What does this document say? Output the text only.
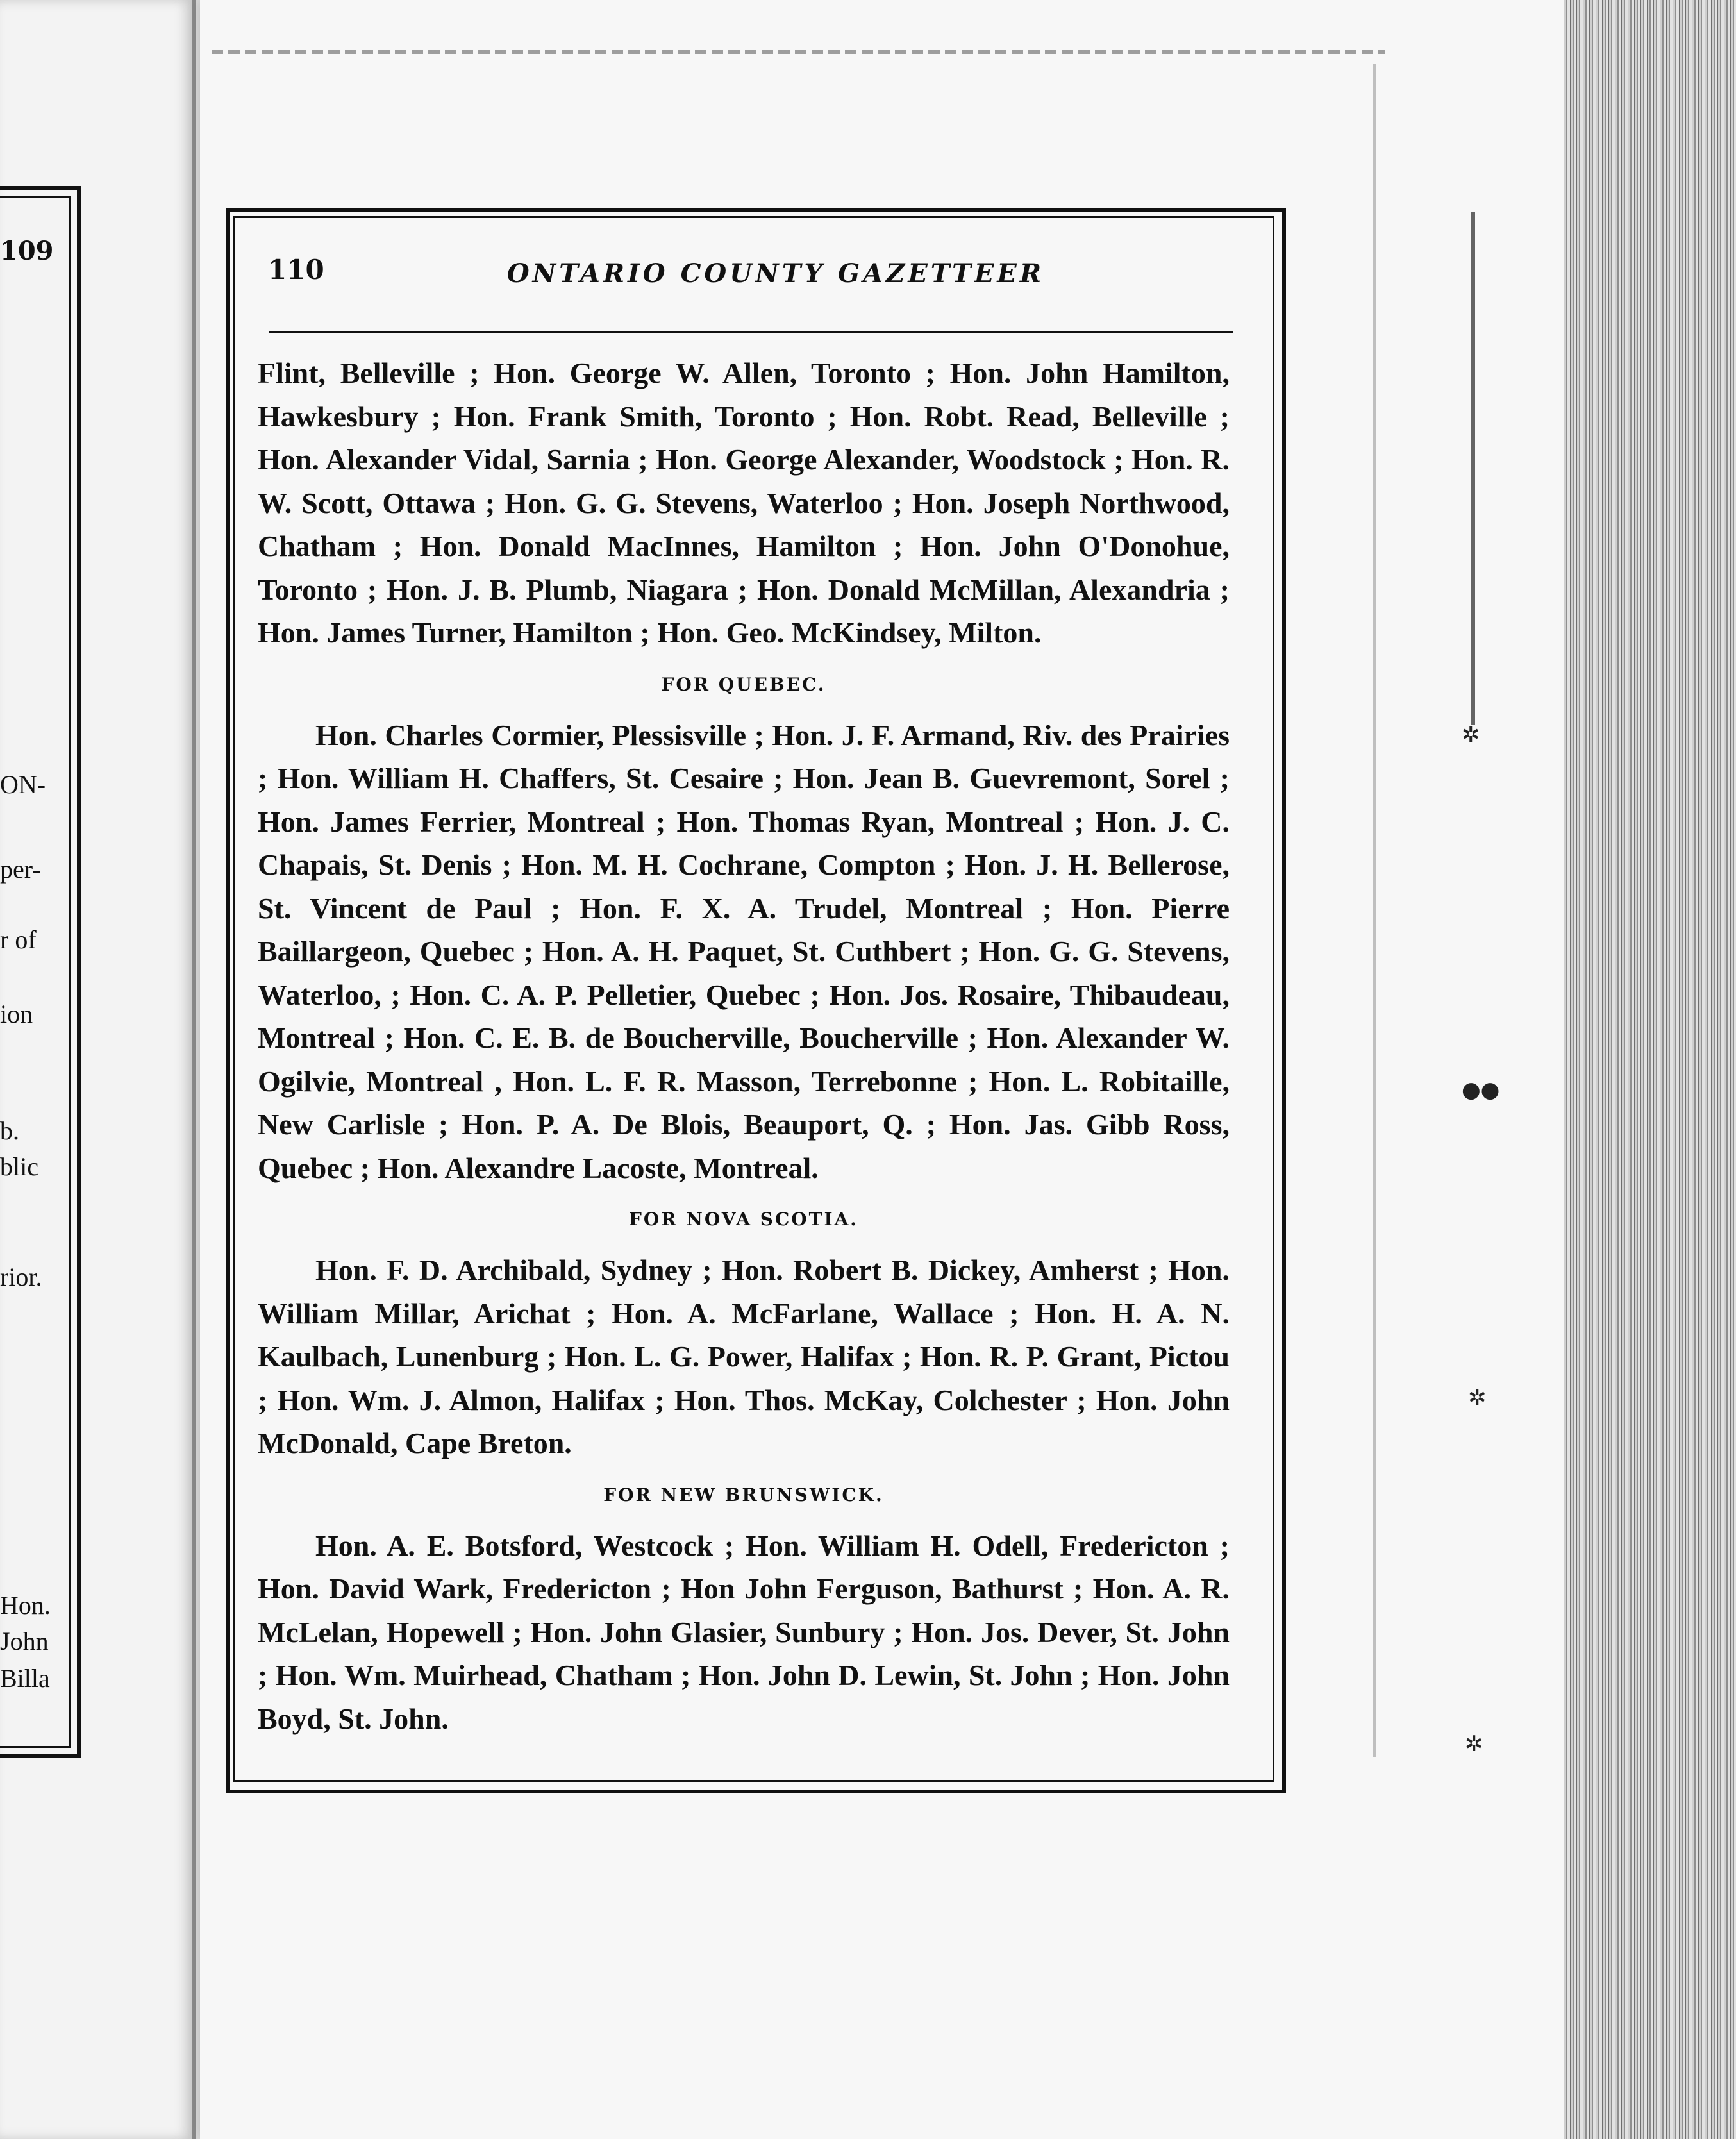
109
ON-
per-
r of
ion
b.
blic
rior.
Hon.
John
Billa
110	ONTARIO COUNTY GAZETTEER

Flint, Belleville ; Hon. George W. Allen, Toronto ; Hon. John Hamilton, Hawkesbury ; Hon. Frank Smith, Toronto ; Hon. Robt. Read, Belleville ; Hon. Alexander Vidal, Sarnia ; Hon. George Alexander, Woodstock ; Hon. R. W. Scott, Ottawa ; Hon. G. G. Stevens, Waterloo ; Hon. Joseph Northwood, Chatham ; Hon. Donald MacInnes, Hamilton ; Hon. John O'Donohue, Toronto ; Hon. J. B. Plumb, Niagara ; Hon. Donald McMillan, Alexandria ; Hon. James Turner, Hamilton ; Hon. Geo. McKindsey, Milton.

FOR QUEBEC.

Hon. Charles Cormier, Plessisville ; Hon. J. F. Armand, Riv. des Prairies ; Hon. William H. Chaffers, St. Cesaire ; Hon. Jean B. Guevremont, Sorel ; Hon. James Ferrier, Montreal ; Hon. Thomas Ryan, Montreal ; Hon. J. C. Chapais, St. Denis ; Hon. M. H. Cochrane, Compton ; Hon. J. H. Bellerose, St. Vincent de Paul ; Hon. F. X. A. Trudel, Montreal ; Hon. Pierre Baillargeon, Quebec ; Hon. A. H. Paquet, St. Cuthbert ; Hon. G. G. Stevens, Waterloo, ; Hon. C. A. P. Pelletier, Quebec ; Hon. Jos. Rosaire, Thibaudeau, Montreal ; Hon. C. E. B. de Boucherville, Boucherville ; Hon. Alexander W. Ogilvie, Montreal , Hon. L. F. R. Masson, Terrebonne ; Hon. L. Robitaille, New Carlisle ; Hon. P. A. De Blois, Beauport, Q. ; Hon. Jas. Gibb Ross, Quebec ; Hon. Alexandre Lacoste, Montreal.

FOR NOVA SCOTIA.

Hon. F. D. Archibald, Sydney ; Hon. Robert B. Dickey, Amherst ; Hon. William Millar, Arichat ; Hon. A. McFarlane, Wallace ; Hon. H. A. N. Kaulbach, Lunenburg ; Hon. L. G. Power, Halifax ; Hon. R. P. Grant, Pictou ; Hon. Wm. J. Almon, Halifax ; Hon. Thos. McKay, Colchester ; Hon. John McDonald, Cape Breton.

FOR NEW BRUNSWICK.

Hon. A. E. Botsford, Westcock ; Hon. William H. Odell, Fredericton ; Hon. David Wark, Fredericton ; Hon John Ferguson, Bathurst ; Hon. A. R. McLelan, Hopewell ; Hon. John Glasier, Sunbury ; Hon. Jos. Dever, St. John ; Hon. Wm. Muirhead, Chatham ; Hon. John D. Lewin, St. John ; Hon. John Boyd, St. John.

✲
●●
✲
✲
